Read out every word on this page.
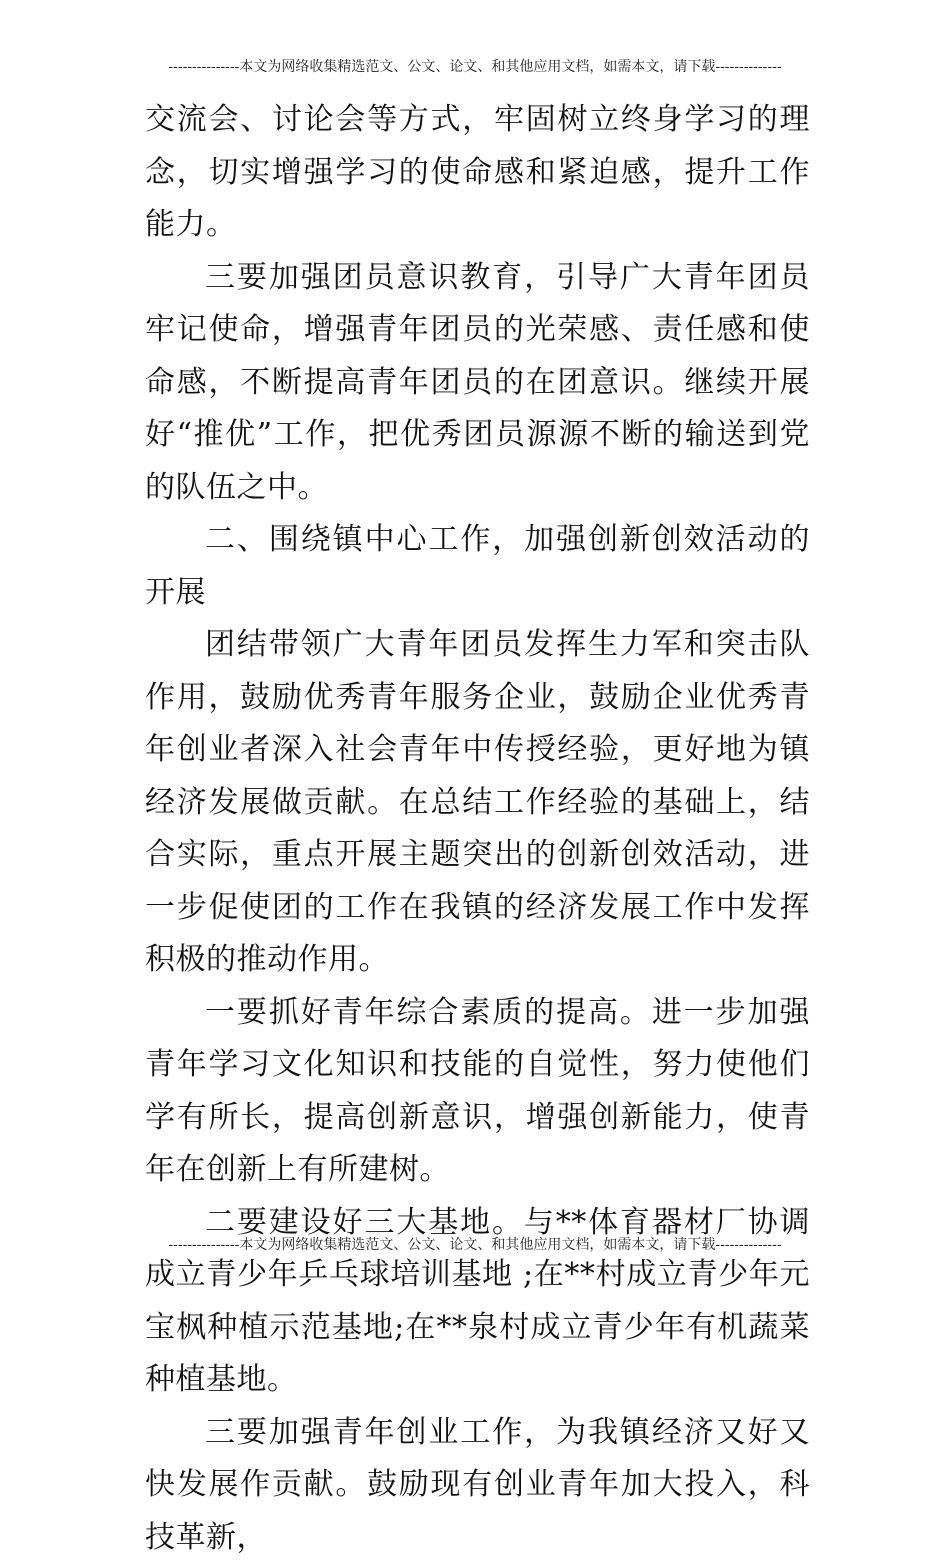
---------------本文为网络收集精选范文、公文、论文、和其他应用文档，如需本文，请下载--------------

交流会、讨论会等方式，牢固树立终身学习的理念，切实增强学习的使命感和紧迫感，提升工作能力。

三要加强团员意识教育，引导广大青年团员牢记使命，增强青年团员的光荣感、责任感和使命感，不断提高青年团员的在团意识。继续开展好“推优”工作，把优秀团员源源不断的输送到党的队伍之中。

二、围绕镇中心工作，加强创新创效活动的开展

团结带领广大青年团员发挥生力军和突击队作用，鼓励优秀青年服务企业，鼓励企业优秀青年创业者深入社会青年中传授经验，更好地为镇经济发展做贡献。在总结工作经验的基础上，结合实际，重点开展主题突出的创新创效活动，进一步促使团的工作在我镇的经济发展工作中发挥积极的推动作用。

一要抓好青年综合素质的提高。进一步加强青年学习文化知识和技能的自觉性，努力使他们学有所长，提高创新意识，增强创新能力，使青年在创新上有所建树。

二要建设好三大基地。与**体育器材厂协调成立青少年乒乓球培训基地 ;在**村成立青少年元宝枫种植示范基地;在**泉村成立青少年有机蔬菜种植基地。

三要加强青年创业工作，为我镇经济又好又快发展作贡献。鼓励现有创业青年加大投入，科技革新，

---------------本文为网络收集精选范文、公文、论文、和其他应用文档，如需本文，请下载--------------
